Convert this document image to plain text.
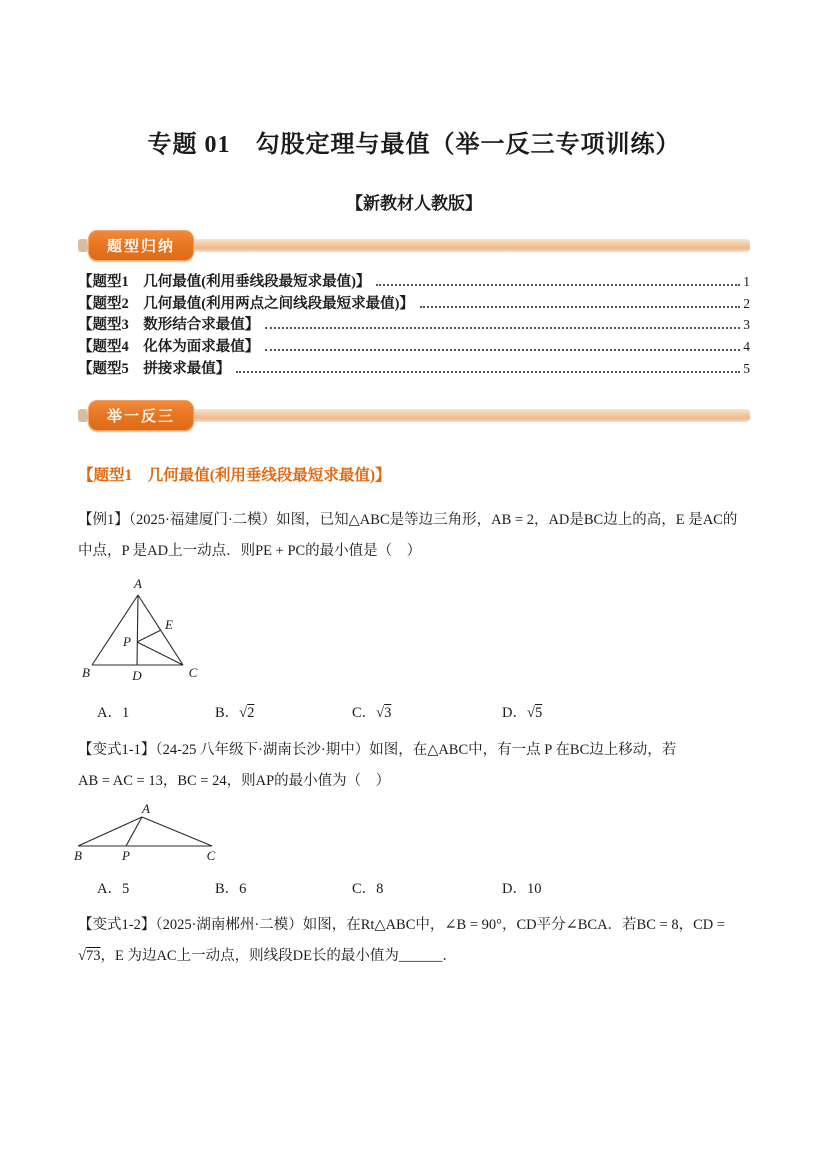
专题 01　勾股定理与最值（举一反三专项训练）
【新教材人教版】
题型归纳
【题型1　几何最值(利用垂线段最短求最值)】	1
【题型2　几何最值(利用两点之间线段最短求最值)】	2
【题型3　数形结合求最值】	3
【题型4　化体为面求最值】	4
【题型5　拼接求最值】	5
举一反三
【题型1　几何最值(利用垂线段最短求最值)】
【例1】（2025·福建厦门·二模）如图，已知△ABC是等边三角形，AB = 2，AD是BC边上的高，E 是AC的
中点，P 是AD上一动点．则PE + PC的最小值是（　）
A
B	C
D
E
P
A．1	B．√2	C．√3	D．√5
【变式1-1】（24-25 八年级下·湖南长沙·期中）如图，在△ABC中，有一点 P 在BC边上移动，若
AB = AC = 13，BC = 24，则AP的最小值为（　）
A
B	C
P
A．5	B．6	C．8	D．10
【变式1-2】（2025·湖南郴州·二模）如图，在Rt△ABC中，∠B = 90°，CD平分∠BCA．若BC = 8，CD =
√73，E 为边AC上一动点，则线段DE长的最小值为______．
